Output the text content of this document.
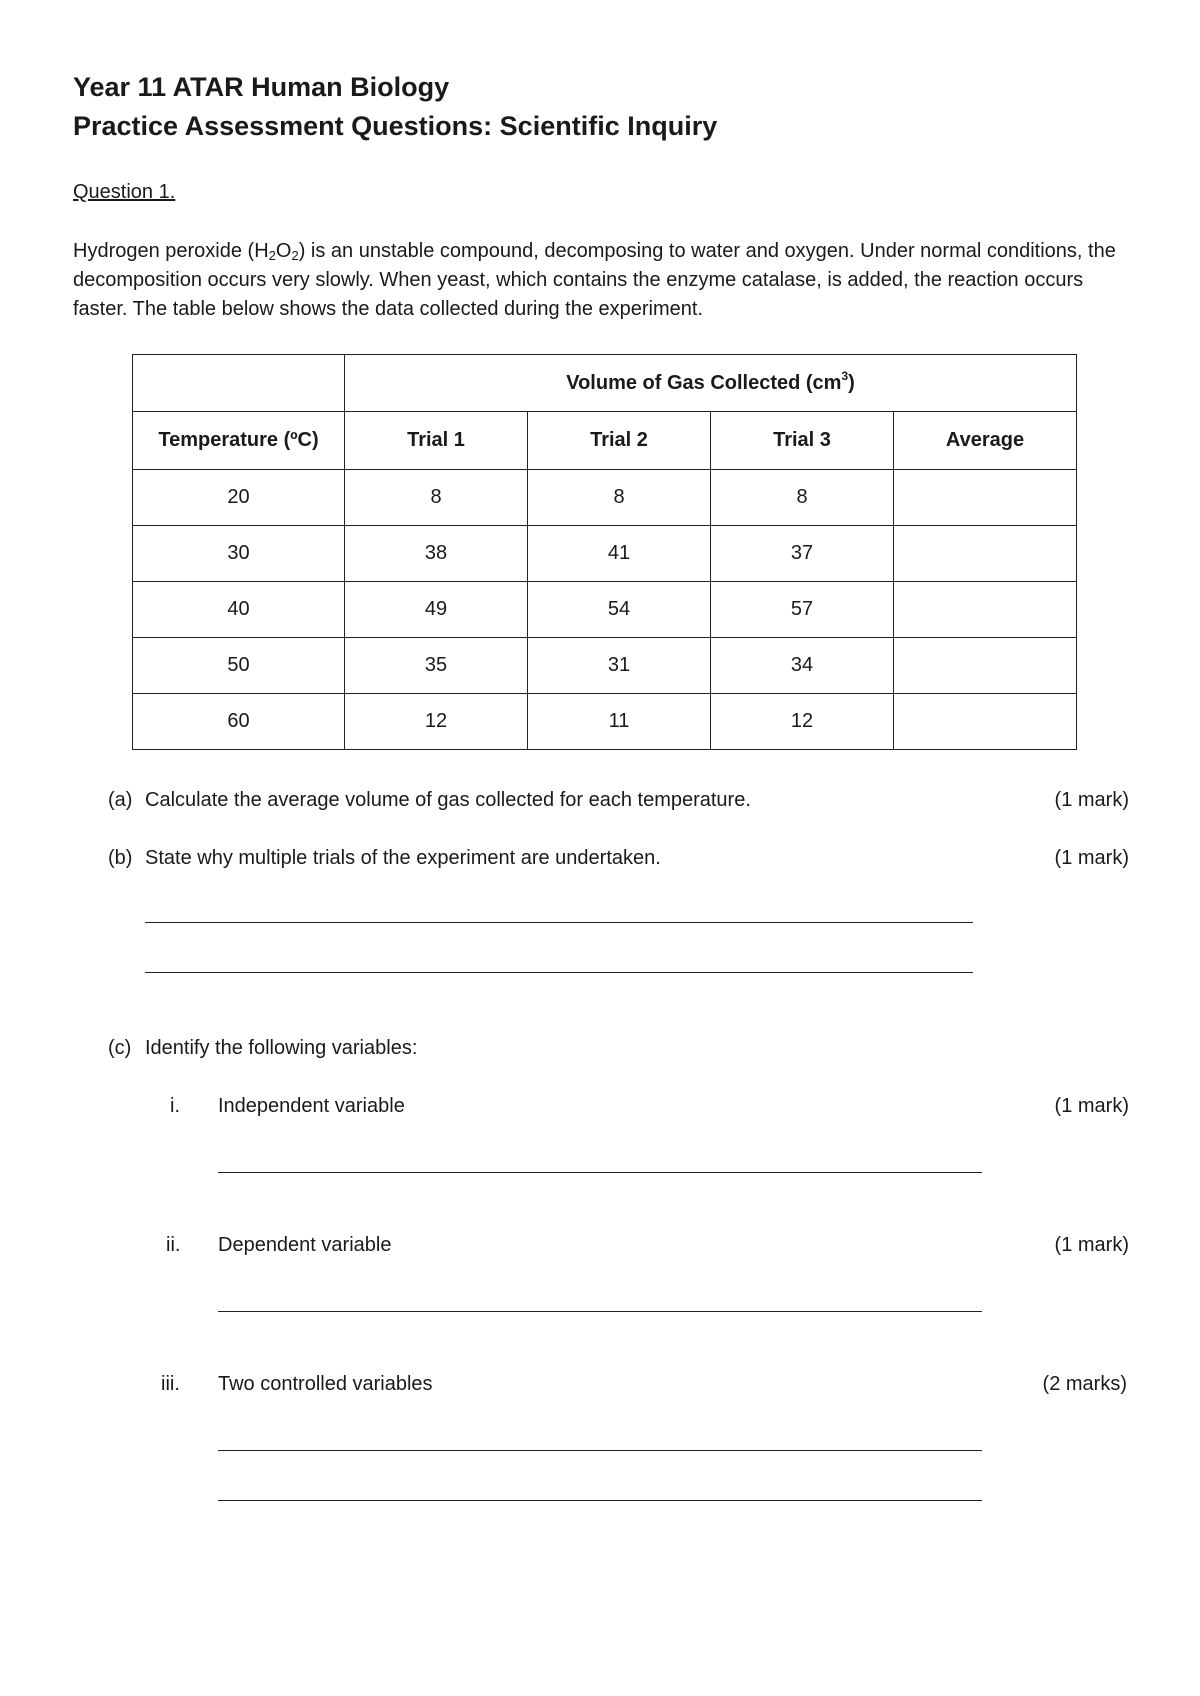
Year 11 ATAR Human Biology
Practice Assessment Questions: Scientific Inquiry
Question 1.

Hydrogen peroxide $(H_2O_2)$ is an unstable compound, decomposing to water and oxygen. Under normal conditions, the decomposition occurs very slowly. When yeast, which contains the enzyme catalase, is added, the reaction occurs faster. The table below shows the data collected during the experiment.

	Volume of Gas Collected $(cm^3)$			
Temperature (ºC)	Trial 1	Trial 2	Trial 3	Average
20	8	8	8	
30	38	41	37	
40	49	54	57	
50	35	31	34	
60	12	11	12	
(a) Calculate the average volume of gas collected for each temperature.	(1 mark)
(b) State why multiple trials of the experiment are undertaken.	(1 mark)
(c) Identify the following variables:
i. Independent variable	(1 mark)
ii. Dependent variable	(1 mark)
iii. Two controlled variables	(2 marks)
